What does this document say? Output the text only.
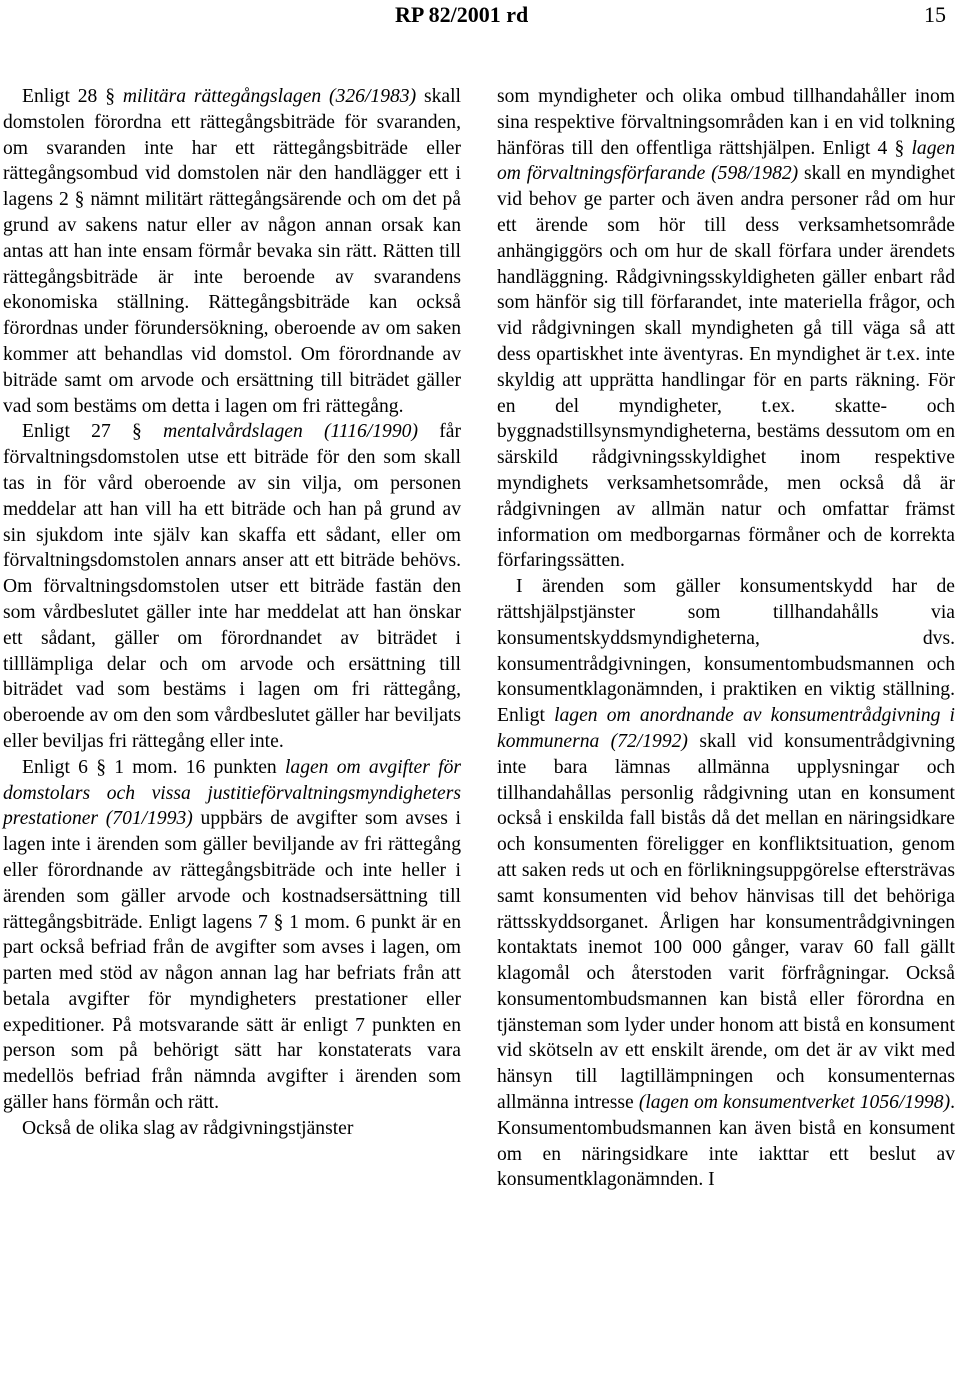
RP 82/2001 rd	15

Enligt 28 § militära rättegångslagen (326/1983) skall domstolen förordna ett rättegångsbiträde för svaranden, om svaranden inte har ett rättegångsbiträde eller rättegångsombud vid domstolen när den handlägger ett i lagens 2 § nämnt militärt rättegångsärende och om det på grund av sakens natur eller av någon annan orsak kan antas att han inte ensam förmår bevaka sin rätt. Rätten till rättegångsbiträde är inte beroende av svarandens ekonomiska ställning. Rättegångsbiträde kan också förordnas under förundersökning, oberoende av om saken kommer att behandlas vid domstol. Om förordnande av biträde samt om arvode och ersättning till biträdet gäller vad som bestäms om detta i lagen om fri rättegång.

Enligt 27 § mentalvårdslagen (1116/1990) får förvaltningsdomstolen utse ett biträde för den som skall tas in för vård oberoende av sin vilja, om personen meddelar att han vill ha ett biträde och han på grund av sin sjukdom inte själv kan skaffa ett sådant, eller om förvaltningsdomstolen annars anser att ett biträde behövs. Om förvaltningsdomstolen utser ett biträde fastän den som vårdbeslutet gäller inte har meddelat att han önskar ett sådant, gäller om förordnandet av biträdet i tilllämpliga delar och om arvode och ersättning till biträdet vad som bestäms i lagen om fri rättegång, oberoende av om den som vårdbeslutet gäller har beviljats eller beviljas fri rättegång eller inte.

Enligt 6 § 1 mom. 16 punkten lagen om avgifter för domstolars och vissa justitieförvaltningsmyndigheters prestationer (701/1993) uppbärs de avgifter som avses i lagen inte i ärenden som gäller beviljande av fri rättegång eller förordnande av rättegångsbiträde och inte heller i ärenden som gäller arvode och kostnadsersättning till rättegångsbiträde. Enligt lagens 7 § 1 mom. 6 punkt är en part också befriad från de avgifter som avses i lagen, om parten med stöd av någon annan lag har befriats från att betala avgifter för myndigheters prestationer eller expeditioner. På motsvarande sätt är enligt 7 punkten en person som på behörigt sätt har konstaterats vara medellös befriad från nämnda avgifter i ärenden som gäller hans förmån och rätt.

Också de olika slag av rådgivningstjänster

som myndigheter och olika ombud tillhandahåller inom sina respektive förvaltningsområden kan i en vid tolkning hänföras till den offentliga rättshjälpen. Enligt 4 § lagen om förvaltningsförfarande (598/1982) skall en myndighet vid behov ge parter och även andra personer råd om hur ett ärende som hör till dess verksamhetsområde anhängiggörs och om hur de skall förfara under ärendets handläggning. Rådgivningsskyldigheten gäller enbart råd som hänför sig till förfarandet, inte materiella frågor, och vid rådgivningen skall myndigheten gå till väga så att dess opartiskhet inte äventyras. En myndighet är t.ex. inte skyldig att upprätta handlingar för en parts räkning. För en del myndigheter, t.ex. skatte- och byggnadstillsynsmyndigheterna, bestäms dessutom om en särskild rådgivningsskyldighet inom respektive myndighets verksamhetsområde, men också då är rådgivningen av allmän natur och omfattar främst information om medborgarnas förmåner och de korrekta förfaringssätten.

I ärenden som gäller konsumentskydd har de rättshjälpstjänster som tillhandahålls via konsumentskyddsmyndigheterna, dvs. konsumentrådgivningen, konsumentombudsmannen och konsumentklagonämnden, i praktiken en viktig ställning. Enligt lagen om anordnande av konsumentrådgivning i kommunerna (72/1992) skall vid konsumentrådgivning inte bara lämnas allmänna upplysningar och tillhandahållas personlig rådgivning utan en konsument också i enskilda fall bistås då det mellan en näringsidkare och konsumenten föreligger en konfliktsituation, genom att saken reds ut och en förlikningsuppgörelse eftersträvas samt konsumenten vid behov hänvisas till det behöriga rättsskyddsorganet. Årligen har konsumentrådgivningen kontaktats inemot 100 000 gånger, varav 60 fall gällt klagomål och återstoden varit förfrågningar. Också konsumentombudsmannen kan bistå eller förordna en tjänsteman som lyder under honom att bistå en konsument vid skötseln av ett enskilt ärende, om det är av vikt med hänsyn till lagtillämpningen och konsumenternas allmänna intresse (lagen om konsumentverket 1056/1998). Konsumentombudsmannen kan även bistå en konsument om en näringsidkare inte iakttar ett beslut av konsumentklagonämnden. I
